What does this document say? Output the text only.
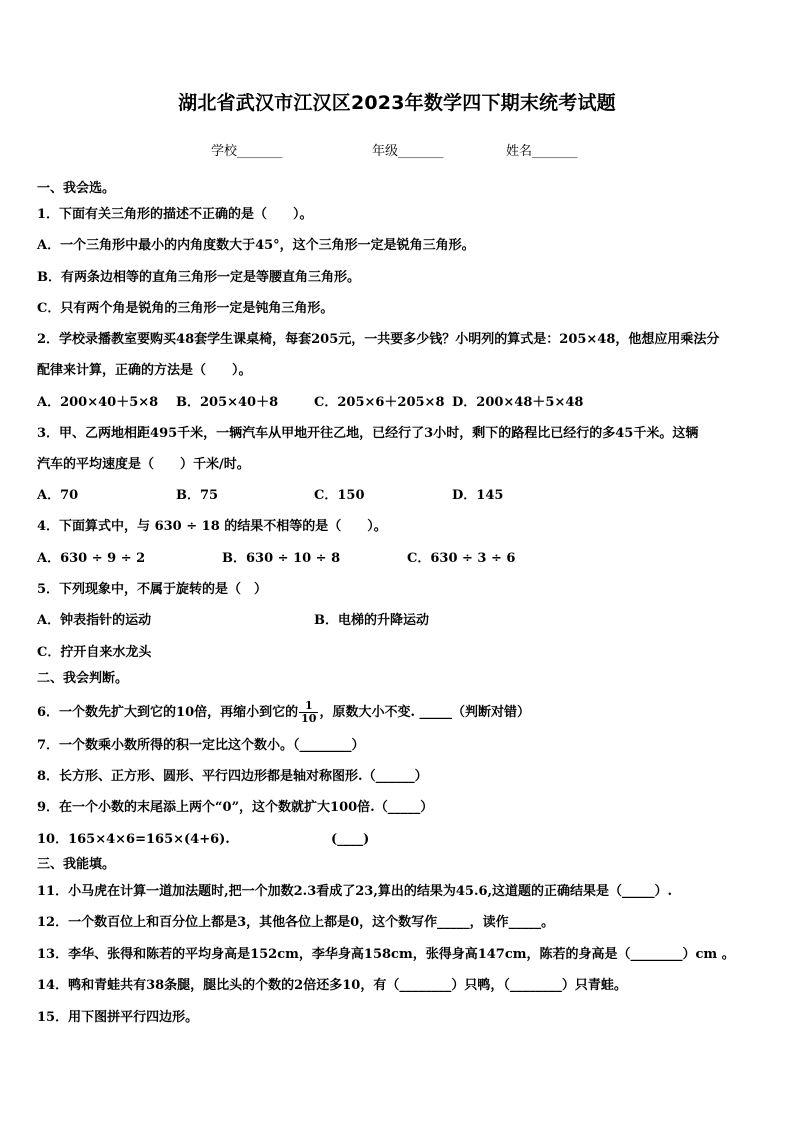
湖北省武汉市江汉区2023年数学四下期末统考试题
学校_______	年级_______	姓名_______
一、我会选。
1．下面有关三角形的描述不正确的是（　　）。
A．一个三角形中最小的内角度数大于45°，这个三角形一定是锐角三角形。
B．有两条边相等的直角三角形一定是等腰直角三角形。
C．只有两个角是锐角的三角形一定是钝角三角形。
2．学校录播教室要购买48套学生课桌椅，每套205元，一共要多少钱？小明列的算式是：205×48，他想应用乘法分
配律来计算，正确的方法是（　　）。
A．200×40＋5×8 B．205×40＋8	C．205×6＋205×8 D．200×48＋5×48
3．甲、乙两地相距495千米，一辆汽车从甲地开往乙地，已经行了3小时，剩下的路程比已经行的多45千米。这辆
汽车的平均速度是（　　）千米/时。
A．70	B．75	C．150	D．145
4．下面算式中，与 630 ÷ 18 的结果不相等的是（　　）。
A．630 ÷ 9 ÷ 2	B．630 ÷ 10 ÷ 8	C．630 ÷ 3 ÷ 6
5．下列现象中，不属于旋转的是（　）
A．钟表指针的运动	B．电梯的升降运动
C．拧开自来水龙头
二、我会判断。
6．一个数先扩大到它的10倍，再缩小到它的 $\frac{1}{10}$ ，原数大小不变. _____（判断对错）
7．一个数乘小数所得的积一定比这个数小。（________）
8．长方形、正方形、圆形、平行四边形都是轴对称图形.（______）
9．在一个小数的末尾添上两个“0”，这个数就扩大100倍.（_____）
10．165×4×6=165×(4+6).	(____)
三、我能填。
11．小马虎在计算一道加法题时,把一个加数2.3看成了23,算出的结果为45.6,这道题的正确结果是（_____）.
12．一个数百位上和百分位上都是3，其他各位上都是0，这个数写作_____，读作_____。
13．李华、张得和陈若的平均身高是152cm，李华身高158cm，张得身高147cm，陈若的身高是（________）cm 。
14．鸭和青蛙共有38条腿，腿比头的个数的2倍还多10，有（________）只鸭，（________）只青蛙。
15．用下图拼平行四边形。
